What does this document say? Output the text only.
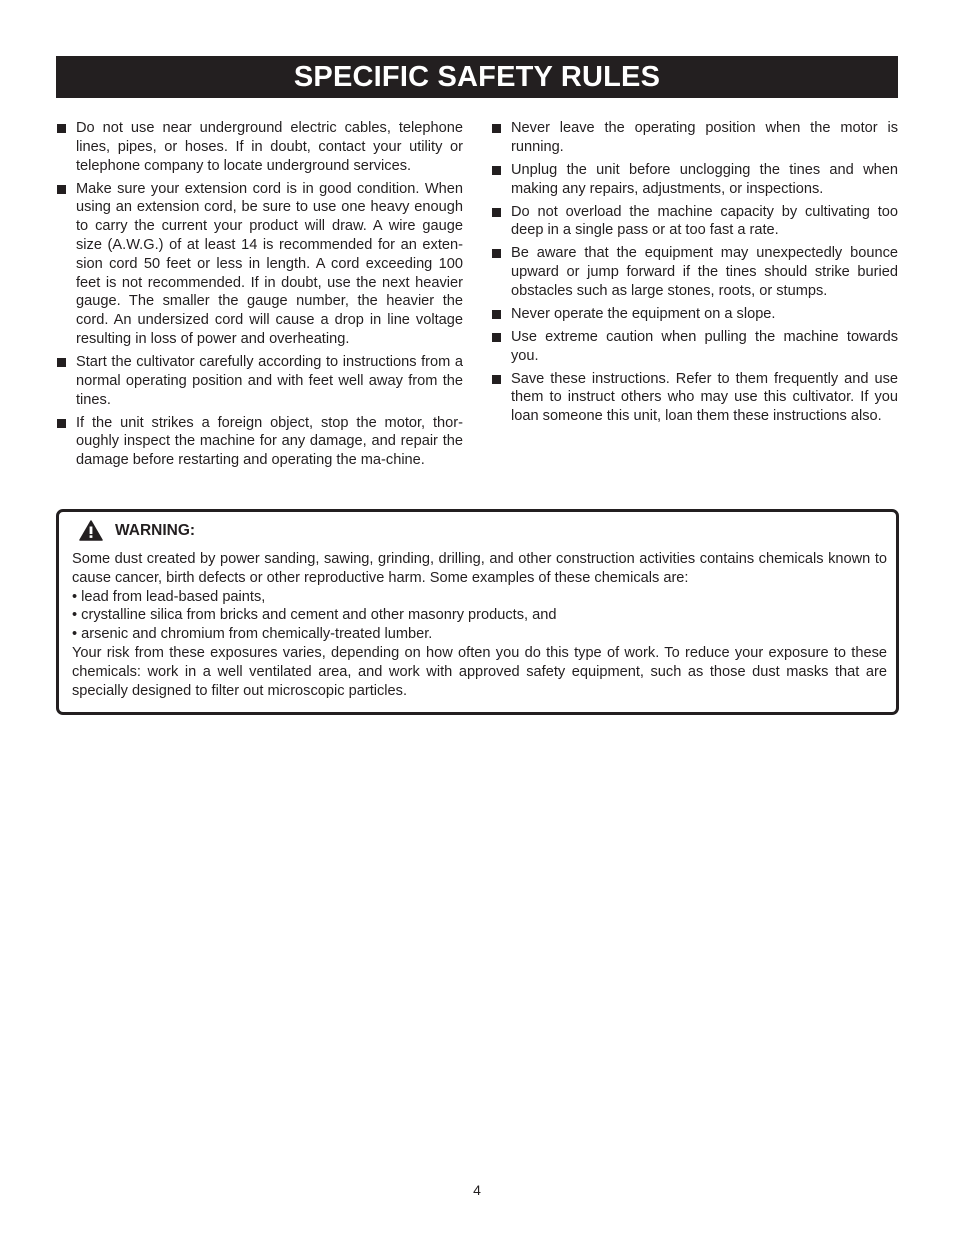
SPECIFIC SAFETY RULES
Do not use near underground electric cables, telephone lines, pipes, or hoses. If in doubt, contact your utility or telephone company to locate underground services.
Make sure your extension cord is in good condition. When using an extension cord, be sure to use one heavy enough to carry the current your product will draw. A wire gauge size (A.W.G.) of at least 14 is recommended for an exten-sion cord 50 feet or less in length. A cord exceeding 100 feet is not recommended. If in doubt, use the next heavier gauge. The smaller the gauge number, the heavier the cord. An undersized cord will cause a drop in line voltage resulting in loss of power and overheating.
Start the cultivator carefully according to instructions from a normal operating position and with feet well away from the tines.
If the unit strikes a foreign object, stop the motor, thor-oughly inspect the machine for any damage, and repair the damage before restarting and operating the ma-chine.
Never leave the operating position when the motor is running.
Unplug the unit before unclogging the tines and when making any repairs, adjustments, or inspections.
Do not overload the machine capacity by cultivating too deep in a single pass or at too fast a rate.
Be aware that the equipment may unexpectedly bounce upward or jump forward if the tines should strike buried obstacles such as large stones, roots, or stumps.
Never operate the equipment on a slope.
Use extreme caution when pulling the machine towards you.
Save these instructions. Refer to them frequently and use them to instruct others who may use this cultivator. If you loan someone this unit, loan them these instructions also.
WARNING:

Some dust created by power sanding, sawing, grinding, drilling, and other construction activities contains chemicals known to cause cancer, birth defects or other reproductive harm. Some examples of these chemicals are:

• lead from lead-based paints,

• crystalline silica from bricks and cement and other masonry products, and

• arsenic and chromium from chemically-treated lumber.

Your risk from these exposures varies, depending on how often you do this type of work. To reduce your exposure to these chemicals: work in a well ventilated area, and work with approved safety equipment, such as those dust masks that are specially designed to filter out microscopic particles.

4
